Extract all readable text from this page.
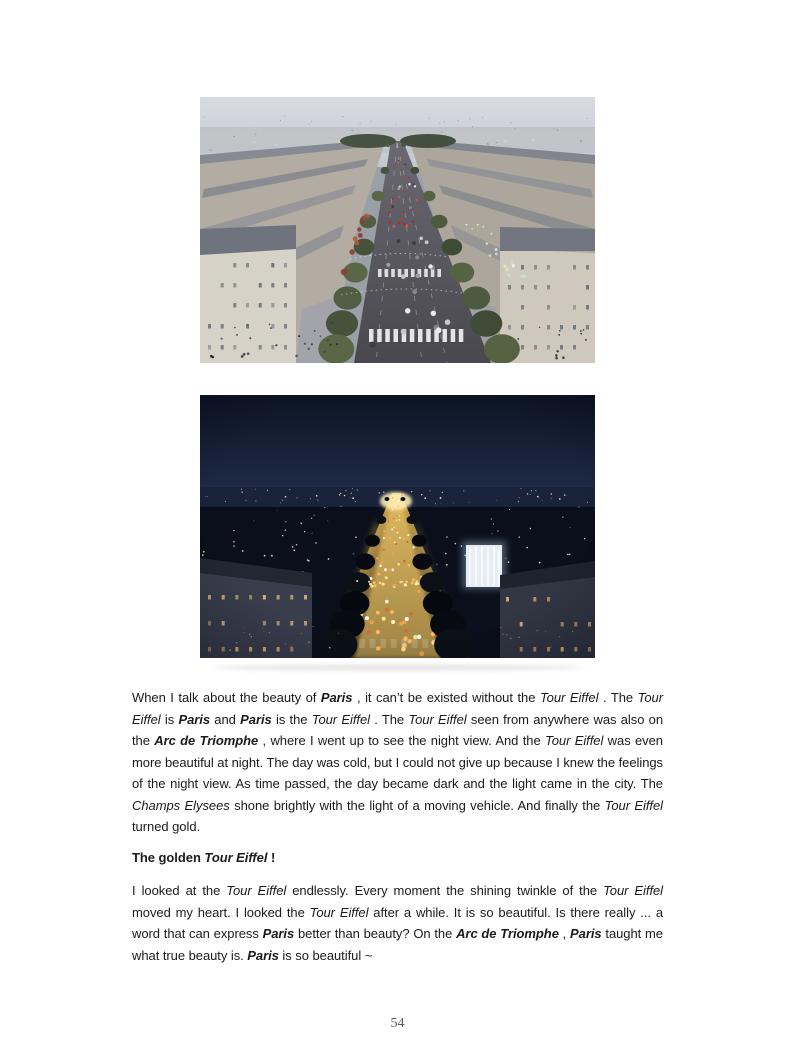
When I talk about the beauty of Paris , it can’t be existed without the Tour Eiffel . The Tour Eiffel is Paris and Paris is the Tour Eiffel . The Tour Eiffel seen from anywhere was also on the Arc de Triomphe , where I went up to see the night view. And the Tour Eiffel was even more beautiful at night. The day was cold, but I could not give up because I knew the feelings of the night view. As time passed, the day became dark and the light came in the city. The Champs Elysees shone brightly with the light of a moving vehicle. And finally the Tour Eiffel turned gold.

The golden Tour Eiffel !

I looked at the Tour Eiffel endlessly. Every moment the shining twinkle of the Tour Eiffel moved my heart. I looked the Tour Eiffel after a while. It is so beautiful. Is there really ... a word that can express Paris better than beauty? On the Arc de Triomphe , Paris taught me what true beauty is. Paris is so beautiful ~

54
